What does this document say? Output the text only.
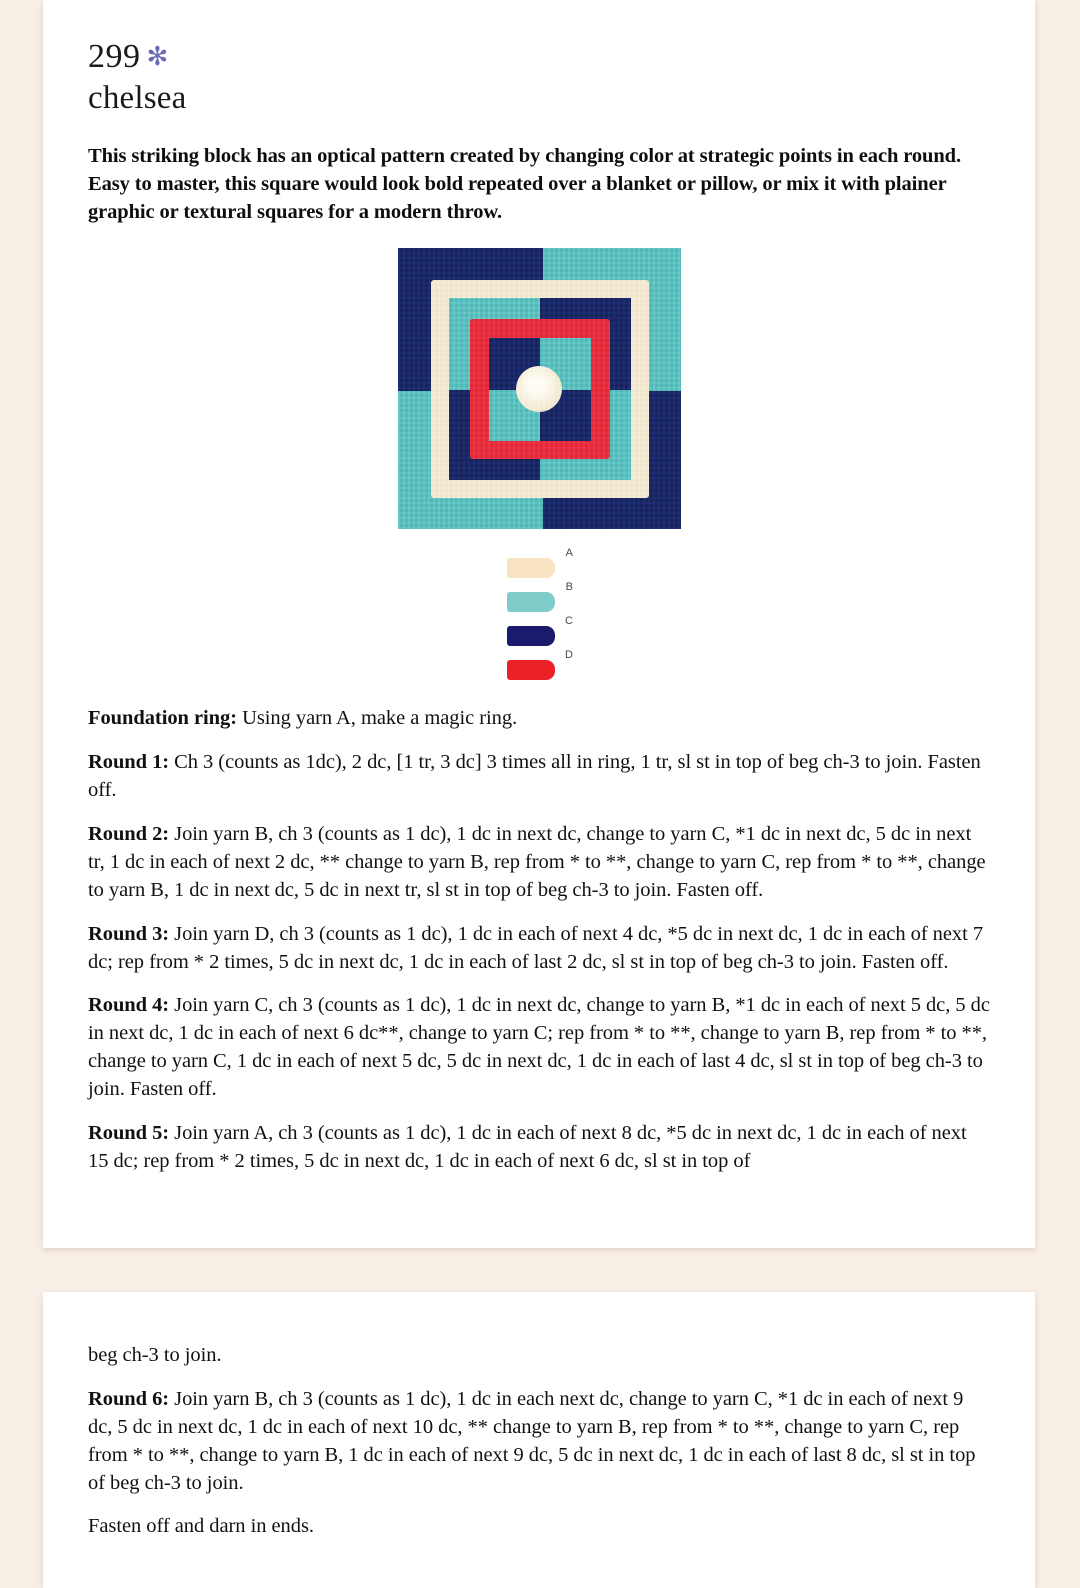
299 ✻
chelsea

This striking block has an optical pattern created by changing color at strategic points in each round. Easy to master, this square would look bold repeated over a blanket or pillow, or mix it with plainer graphic or textural squares for a modern throw.

A
B
C
D

Foundation ring: Using yarn A, make a magic ring.

Round 1: Ch 3 (counts as 1dc), 2 dc, [1 tr, 3 dc] 3 times all in ring, 1 tr, sl st in top of beg ch-3 to join. Fasten off.

Round 2: Join yarn B, ch 3 (counts as 1 dc), 1 dc in next dc, change to yarn C, *1 dc in next dc, 5 dc in next tr, 1 dc in each of next 2 dc, ** change to yarn B, rep from * to **, change to yarn C, rep from * to **, change to yarn B, 1 dc in next dc, 5 dc in next tr, sl st in top of beg ch-3 to join. Fasten off.

Round 3: Join yarn D, ch 3 (counts as 1 dc), 1 dc in each of next 4 dc, *5 dc in next dc, 1 dc in each of next 7 dc; rep from * 2 times, 5 dc in next dc, 1 dc in each of last 2 dc, sl st in top of beg ch-3 to join. Fasten off.

Round 4: Join yarn C, ch 3 (counts as 1 dc), 1 dc in next dc, change to yarn B, *1 dc in each of next 5 dc, 5 dc in next dc, 1 dc in each of next 6 dc**, change to yarn C; rep from * to **, change to yarn B, rep from * to **, change to yarn C, 1 dc in each of next 5 dc, 5 dc in next dc, 1 dc in each of last 4 dc, sl st in top of beg ch-3 to join. Fasten off.

Round 5: Join yarn A, ch 3 (counts as 1 dc), 1 dc in each of next 8 dc, *5 dc in next dc, 1 dc in each of next 15 dc; rep from * 2 times, 5 dc in next dc, 1 dc in each of next 6 dc, sl st in top of

beg ch-3 to join.

Round 6: Join yarn B, ch 3 (counts as 1 dc), 1 dc in each next dc, change to yarn C, *1 dc in each of next 9 dc, 5 dc in next dc, 1 dc in each of next 10 dc, ** change to yarn B, rep from * to **, change to yarn C, rep from * to **, change to yarn B, 1 dc in each of next 9 dc, 5 dc in next dc, 1 dc in each of last 8 dc, sl st in top of beg ch-3 to join.

Fasten off and darn in ends.
